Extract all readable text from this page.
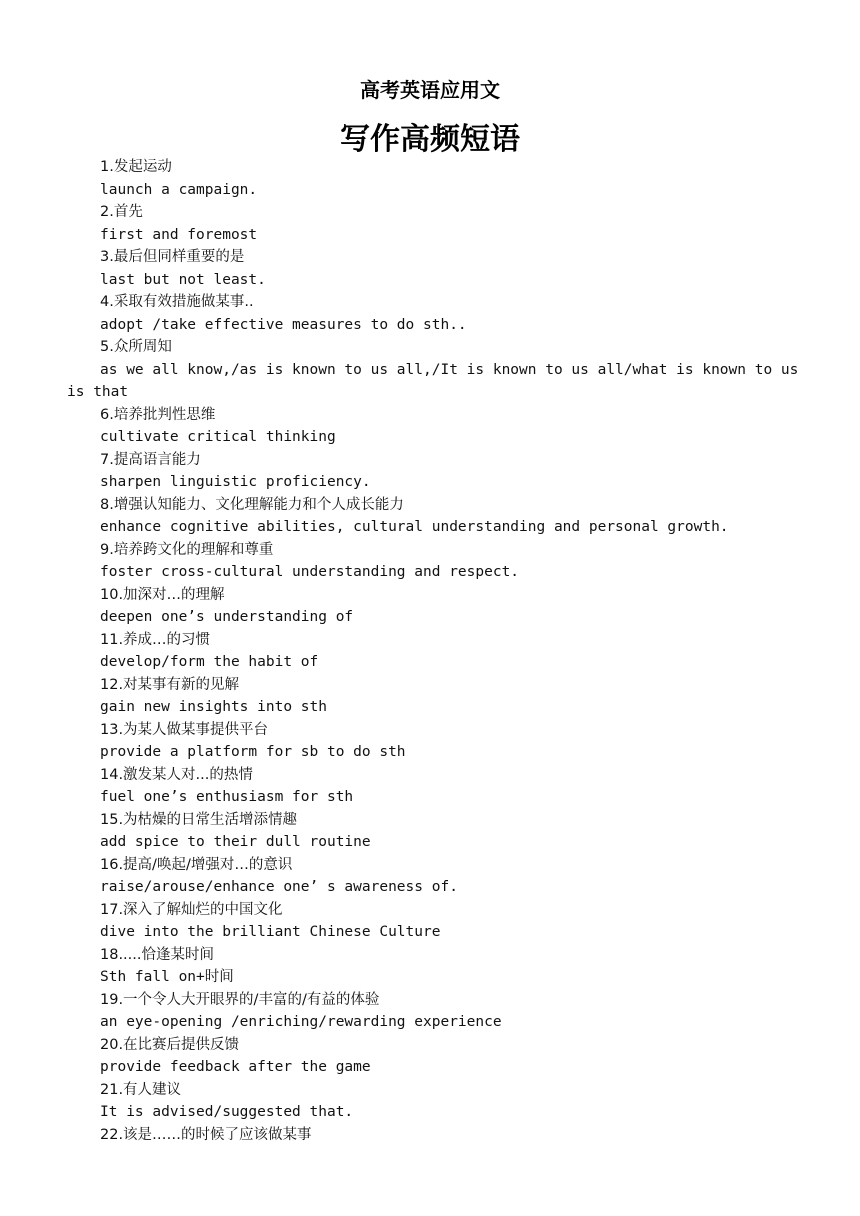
高考英语应用文
写作高频短语
1.发起运动
launch a campaign.
2.首先
first and foremost
3.最后但同样重要的是
last but not least.
4.采取有效措施做某事..
adopt /take effective measures to do sth..
5.众所周知
as we all know,/as is known to us all,/It is known to us all/what is known to us is that
6.培养批判性思维
cultivate critical thinking
7.提高语言能力
sharpen linguistic proficiency.
8.增强认知能力、文化理解能力和个人成长能力
enhance cognitive abilities, cultural understanding and personal growth.
9.培养跨文化的理解和尊重
foster cross-cultural understanding and respect.
10.加深对…的理解
deepen one’s understanding of
11.养成…的习惯
develop/form the habit of
12.对某事有新的见解
gain new insights into sth
13.为某人做某事提供平台
provide a platform for sb to do sth
14.激发某人对...的热情
fuel one’s enthusiasm for sth
15.为枯燥的日常生活增添情趣
add spice to their dull routine
16.提高/唤起/增强对…的意识
raise/arouse/enhance one’ s awareness of.
17.深入了解灿烂的中国文化
dive into the brilliant Chinese Culture
18.....恰逢某时间
Sth fall on+时间
19.一个令人大开眼界的/丰富的/有益的体验
an eye-opening /enriching/rewarding experience
20.在比赛后提供反馈
provide feedback after the game
21.有人建议
It is advised/suggested that.
22.该是……的时候了应该做某事
